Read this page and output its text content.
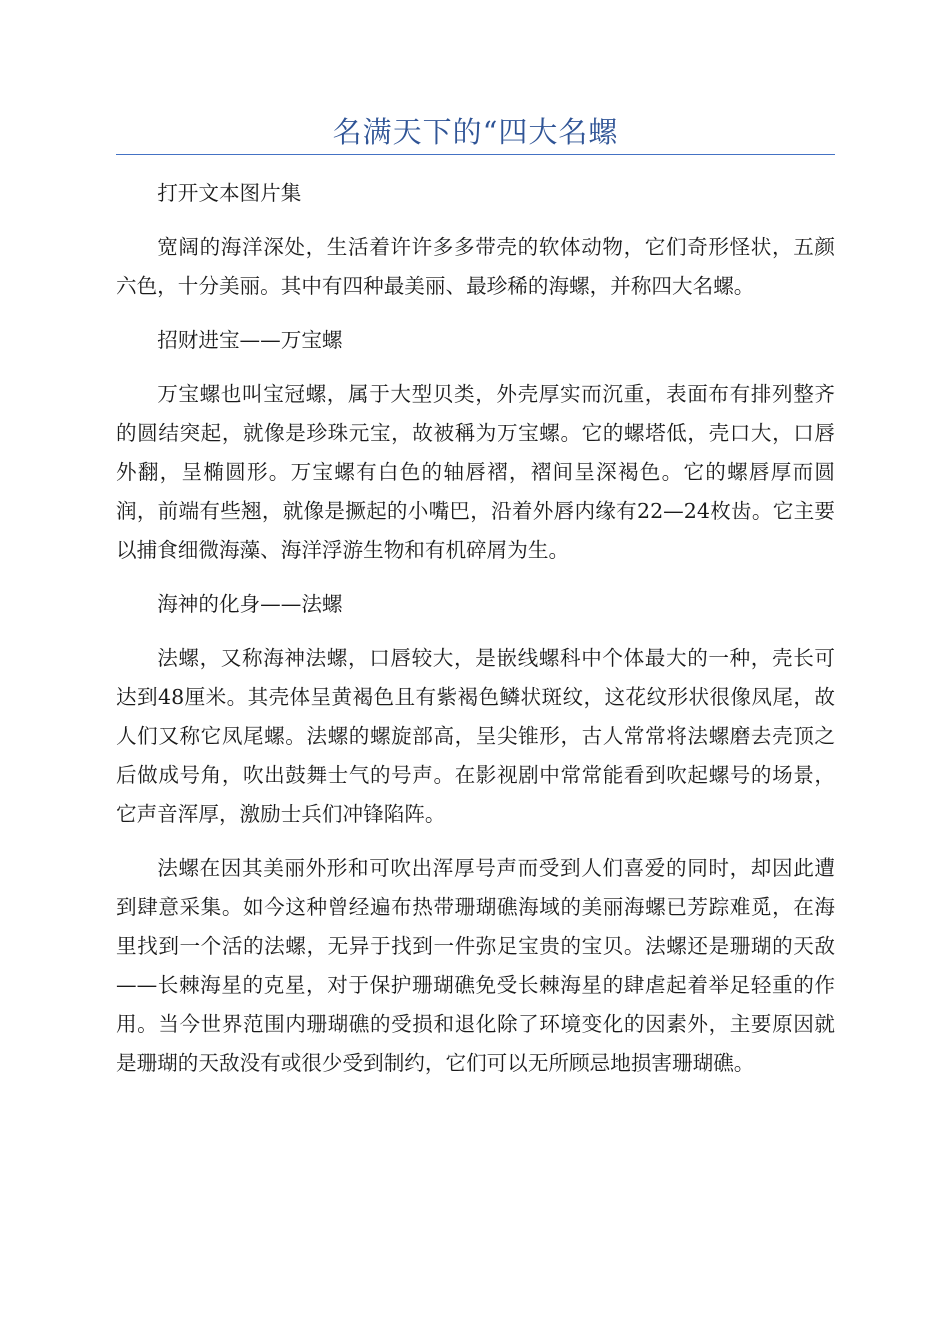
名满天下的“四大名螺

打开文本图片集

宽阔的海洋深处，生活着许许多多带壳的软体动物，它们奇形怪状，五颜六色，十分美丽。其中有四种最美丽、最珍稀的海螺，并称四大名螺。

招财进宝——万宝螺

万宝螺也叫宝冠螺，属于大型贝类，外壳厚实而沉重，表面布有排列整齐的圆结突起，就像是珍珠元宝，故被稱为万宝螺。它的螺塔低，壳口大，口唇外翻，呈椭圆形。万宝螺有白色的轴唇褶，褶间呈深褐色。它的螺唇厚而圆润，前端有些翘，就像是撅起的小嘴巴，沿着外唇内缘有22—24枚齿。它主要以捕食细微海藻、海洋浮游生物和有机碎屑为生。

海神的化身——法螺

法螺，又称海神法螺，口唇较大，是嵌线螺科中个体最大的一种，壳长可达到48厘米。其壳体呈黄褐色且有紫褐色鳞状斑纹，这花纹形状很像凤尾，故人们又称它凤尾螺。法螺的螺旋部高，呈尖锥形，古人常常将法螺磨去壳顶之后做成号角，吹出鼓舞士气的号声。在影视剧中常常能看到吹起螺号的场景，它声音浑厚，激励士兵们冲锋陷阵。

法螺在因其美丽外形和可吹出浑厚号声而受到人们喜爱的同时，却因此遭到肆意采集。如今这种曾经遍布热带珊瑚礁海域的美丽海螺已芳踪难觅，在海里找到一个活的法螺，无异于找到一件弥足宝贵的宝贝。法螺还是珊瑚的天敌——长棘海星的克星，对于保护珊瑚礁免受长棘海星的肆虐起着举足轻重的作用。当今世界范围内珊瑚礁的受损和退化除了环境变化的因素外，主要原因就是珊瑚的天敌没有或很少受到制约，它们可以无所顾忌地损害珊瑚礁。
